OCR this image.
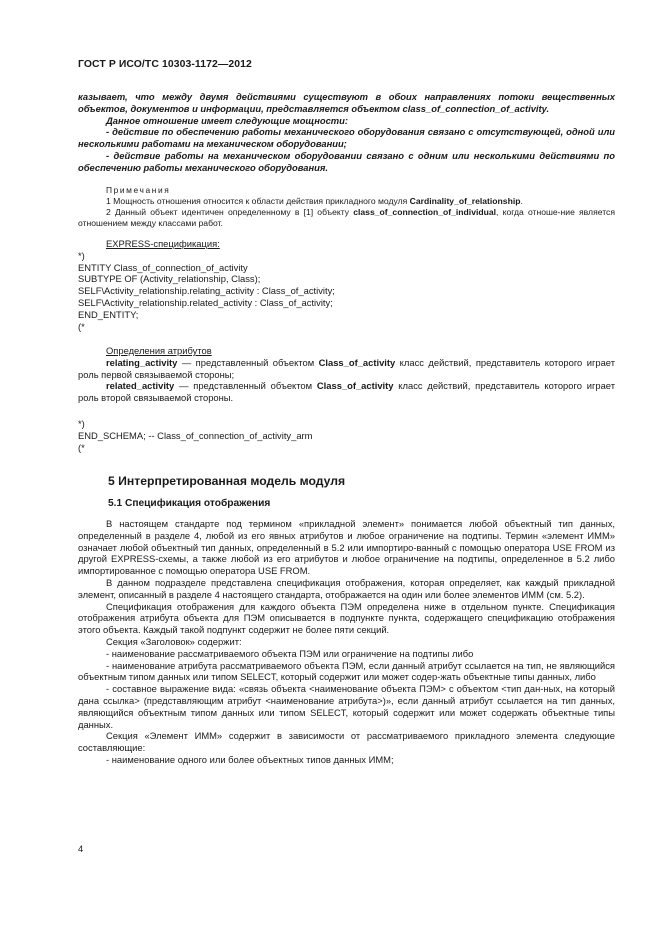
ГОСТ Р ИСО/ТС 10303-1172—2012

казывает, что между двумя действиями существуют в обоих направлениях потоки вещественных объектов, документов и информации, представляется объектом class_of_connection_of_activity.

Данное отношение имеет следующие мощности:

- действие по обеспечению работы механического оборудования связано с отсутствующей, одной или несколькими работами на механическом оборудовании;

- действие работы на механическом оборудовании связано с одним или несколькими действиями по обеспечению работы механического оборудования.

Примечания

1 Мощность отношения относится к области действия прикладного модуля Cardinality_of_relationship.

2 Данный объект идентичен определенному в [1] объекту class_of_connection_of_individual, когда отноше-ние является отношением между классами работ.

EXPRESS-спецификация:

*)

ENTITY Class_of_connection_of_activity

SUBTYPE OF (Activity_relationship, Class);

SELF\Activity_relationship.relating_activity : Class_of_activity;

SELF\Activity_relationship.related_activity : Class_of_activity;

END_ENTITY;

(*

Определения атрибутов

relating_activity — представленный объектом Class_of_activity класс действий, представитель которого играет роль первой связываемой стороны;

related_activity — представленный объектом Class_of_activity класс действий, представитель которого играет роль второй связываемой стороны.

*)

END_SCHEMA; -- Class_of_connection_of_activity_arm

(*

5 Интерпретированная модель модуля
5.1 Спецификация отображения

В настоящем стандарте под термином «прикладной элемент» понимается любой объектный тип данных, определенный в разделе 4, любой из его явных атрибутов и любое ограничение на подтипы. Термин «элемент ИММ» означает любой объектный тип данных, определенный в 5.2 или импортиро-ванный с помощью оператора USE FROM из другой EXPRESS-схемы, а также любой из его атрибутов и любое ограничение на подтипы, определенное в 5.2 либо импортированное с помощью оператора USE FROM.

В данном подразделе представлена спецификация отображения, которая определяет, как каждый прикладной элемент, описанный в разделе 4 настоящего стандарта, отображается на один или более элементов ИММ (см. 5.2).

Спецификация отображения для каждого объекта ПЭМ определена ниже в отдельном пункте. Спецификация отображения атрибута объекта для ПЭМ описывается в подпункте пункта, содержащего спецификацию отображения этого объекта. Каждый такой подпункт содержит не более пяти секций.

Секция «Заголовок» содержит:

- наименование рассматриваемого объекта ПЭМ или ограничение на подтипы либо

- наименование атрибута рассматриваемого объекта ПЭМ, если данный атрибут ссылается на тип, не являющийся объектным типом данных или типом SELECT, который содержит или может содер-жать объектные типы данных, либо

- составное выражение вида: «связь объекта <наименование объекта ПЭМ> с объектом <тип дан-ных, на который дана ссылка> (представляющим атрибут <наименование атрибута>)», если данный атрибут ссылается на тип данных, являющийся объектным типом данных или типом SELECT, который содержит или может содержать объектные типы данных.

Секция «Элемент ИММ» содержит в зависимости от рассматриваемого прикладного элемента следующие составляющие:

- наименование одного или более объектных типов данных ИММ;

4
